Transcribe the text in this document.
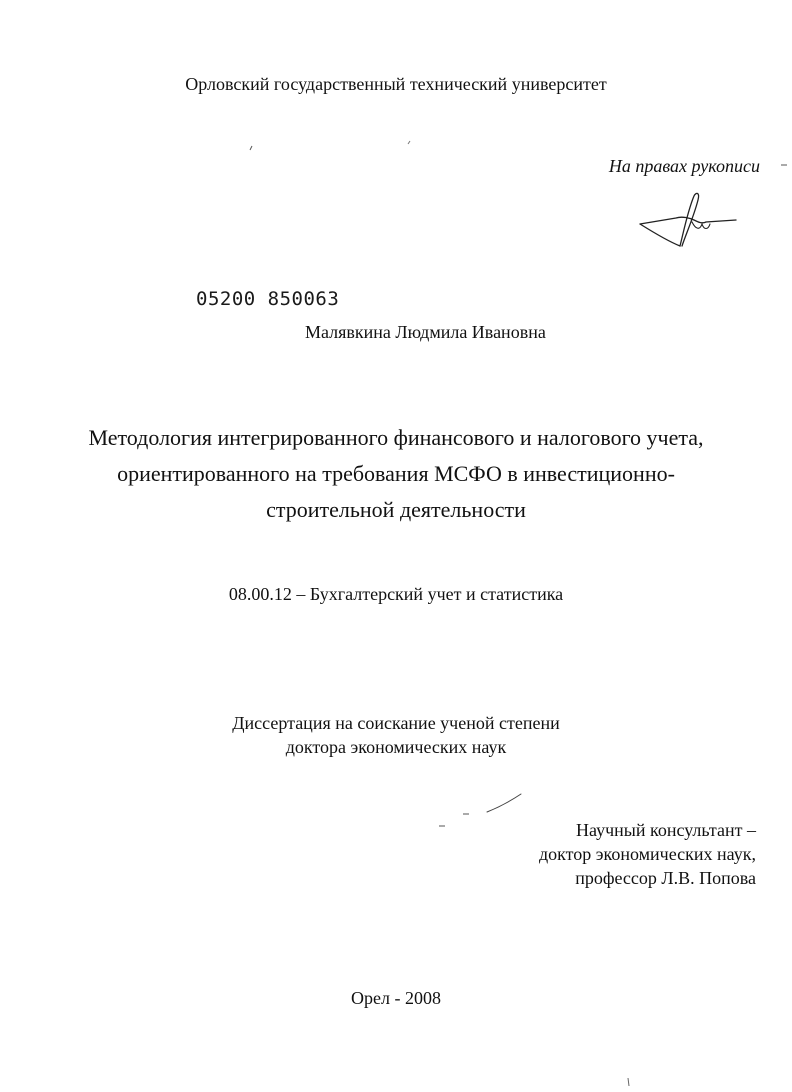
Орловский государственный технический университет
На правах рукописи
05200 850063
Малявкина Людмила Ивановна
Методология интегрированного финансового и налогового учета,
ориентированного на требования МСФО в инвестиционно-
строительной деятельности
08.00.12 – Бухгалтерский учет и статистика
Диссертация на соискание ученой степени
доктора экономических наук
Научный консультант –
доктор экономических наук,
профессор Л.В. Попова
Орел - 2008
